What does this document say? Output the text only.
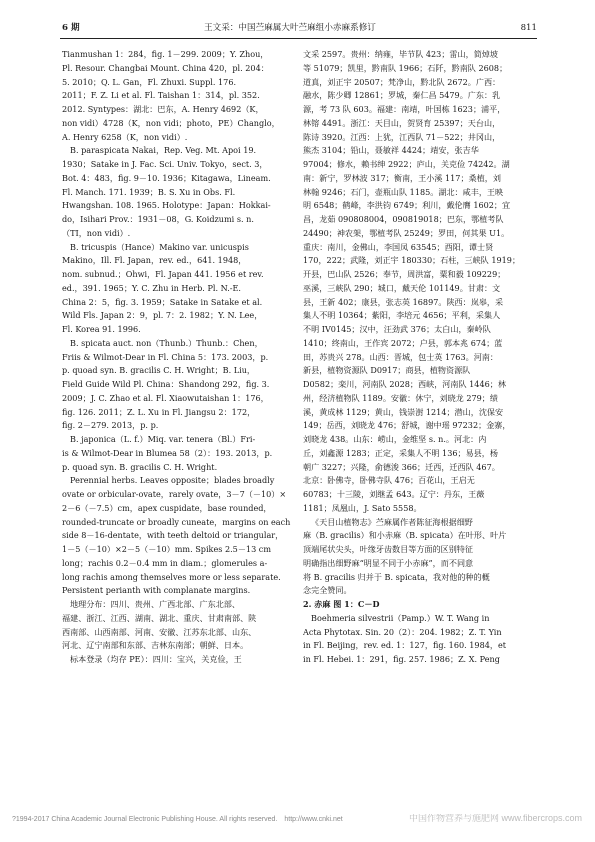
6 期	王文采：中国苎麻属大叶苎麻组小赤麻系修订	811
Tianmushan 1：284，fig. 1－299. 2009；Y. Zhou，
Pl. Resour. Changbai Mount. China 420，pl. 204：
5. 2010；Q. L. Gan，Fl. Zhuxi. Suppl. 176.
2011；F. Z. Li et al. Fl. Taishan 1：314，pl. 352.
2012. Syntypes：湖北：巴东，A. Henry 4692（K，
non vidi）4728（K，non vidi；photo，PE）Changlo，
A. Henry 6258（K，non vidi）.
B. paraspicata Nakai，Rep. Veg. Mt. Apoi 19.
1930；Satake in J. Fac. Sci. Univ. Tokyo，sect. 3，
Bot. 4：483，fig. 9－10. 1936；Kitagawa，Lineam.
Fl. Manch. 171. 1939；B. S. Xu in Obs. Fl.
Hwangshan. 108. 1965. Holotype：Japan：Hokkai-
do，Isihari Prov.：1931－08，G. Koidzumi s. n.
（TI，non vidi）.
B. tricuspis（Hance）Makino var. unicuspis
Makino，Ill. Fl. Japan，rev. ed.，641. 1948，
nom. subnud.；Ohwi，Fl. Japan 441. 1956 et rev.
ed.，391. 1965；Y. C. Zhu in Herb. Pl. N.-E.
China 2：5，fig. 3. 1959；Satake in Satake et al.
Wild Fls. Japan 2：9，pl. 7：2. 1982；Y. N. Lee，
Fl. Korea 91. 1996.
B. spicata auct. non（Thunb.）Thunb.：Chen，
Friis & Wilmot-Dear in Fl. China 5：173. 2003，p.
p. quoad syn. B. gracilis C. H. Wright；B. Liu，
Field Guide Wild Pl. China：Shandong 292，fig. 3.
2009；J. C. Zhao et al. Fl. Xiaowutaishan 1：176，
fig. 126. 2011；Z. L. Xu in Fl. Jiangsu 2：172，
fig. 2－279. 2013，p. p.
B. japonica（L. f.）Miq. var. tenera（Bl.）Fri-
is & Wilmot-Dear in Blumea 58（2）：193. 2013，p.
p. quoad syn. B. gracilis C. H. Wright.
Perennial herbs. Leaves opposite；blades broadly
ovate or orbicular-ovate，rarely ovate，3－7（－10）×
2－6（－7.5）cm，apex cuspidate，base rounded，
rounded-truncate or broadly cuneate，margins on each
side 8－16-dentate，with teeth deltoid or triangular，
1－5（－10）×2－5（－10）mm. Spikes 2.5－13 cm
long；rachis 0.2－0.4 mm in diam.；glomerules a-
long rachis among themselves more or less separate.
Persistent perianth with complanate margins.
地理分布：四川、贵州、广西北部、广东北部、
福建、浙江、江西、湖南、湖北、重庆、甘肃南部、陕
西南部、山西南部、河南、安徽、江苏东北部、山东、
河北、辽宁南部和东部、吉林东南部；朝鲜、日本。
标本登录（均存 PE）：四川：宝兴，关克俭，王
文采 2597。贵州：纳雍，毕节队 423；雷山，简焯坡
等 51079；凯里，黔南队 1966；石阡，黔南队 2608；
道真，刘正宇 20507；梵净山，黔北队 2672。广西：
融水，陈少卿 12861；罗城，秦仁昌 5479。广东：乳
源，考 73 队 603。福建：南靖，叶国栋 1623；浦平，
林镕 4491。浙江：天目山，贺贤育 25397；天台山，
陈诗 3920。江西：上犹，江西队 71－522；井冈山，
熊杰 3104；铅山，聂敏祥 4424；靖安，张吉华
97004；修水，赖书绅 2922；庐山，关克俭 74242。湖
南：新宁，罗林波 317；衡南，王小溪 117；桑植，刘
林翰 9246；石门，壶瓶山队 1185。湖北：咸丰，王映
明 6548；鹤峰，李洪钧 6749；利川，戴伦膺 1602；宜
昌，龙茹 090808004，090819018；巴东，鄂植考队
24490；神农架，鄂植考队 25249；罗田，何其果 U1。
重庆：南川，金佛山，李国凤 63545；酉阳，谭士贤
170，222；武隆，刘正宇 180330；石柱，三峡队 1919；
开县，巴山队 2526；奉节，周洪富，粟和毅 109229；
巫溪，三峡队 290；城口，戴天伦 101149。甘肃：文
县，王新 402；康县，张志英 16897。陕西：岚皋，采
集人不明 10364；紫阳，李培元 4656；平利，采集人
不明 IV0145；汉中，汪劲武 376；太白山，秦岭队
1410；终南山，王作宾 2072；户县，郭本兆 674；蓝
田，苏贵兴 278。山西：晋城，包士英 1763。河南：
新县，植物资源队 D0917；商县，植物资源队
D0582；栾川，河南队 2028；西峡，河南队 1446；林
州，经济植物队 1189。安徽：休宁，刘晓龙 279；绩
溪，黄成林 1129；黄山，钱崇澍 1214；潜山，沈保安
149；岳西，刘晓龙 476；舒城，谢中瑶 97232；金寨，
刘晓龙 438。山东：崂山，金维坚 s. n.。河北：内
丘，刘鑫源 1283；正定，采集人不明 136；易县，杨
朝广 3227；兴隆，俞德浚 366；迁西，迁西队 467。
北京：卧佛寺，卧佛寺队 476；百花山，王启无
60783；十三陵，刘继孟 643。辽宁：丹东，王薇
1181；凤凰山，J. Sato 5558。
《天目山植物志》苎麻属作者陈征海根据细野
麻（B. gracilis）和小赤麻（B. spicata）在叶形、叶片
顶端尾状尖头，叶缘牙齿数目等方面的区别特征
明确指出细野麻“明显不同于小赤麻”，而不同意
将 B. gracilis 归并于 B. spicata，我对他的种的概
念完全赞同。
2. 赤麻 图 1：C－D
Boehmeria silvestrii（Pamp.）W. T. Wang in
Acta Phytotax. Sin. 20（2）：204. 1982；Z. T. Yin
in Fl. Beijing，rev. ed. 1：127，fig. 160. 1984，et
in Fl. Hebei. 1：291，fig. 257. 1986；Z. X. Peng
?1994-2017 China Academic Journal Electronic Publishing House. All rights reserved.　http://www.cnki.net	中国作物营养与施肥网 www.fibercrops.com
